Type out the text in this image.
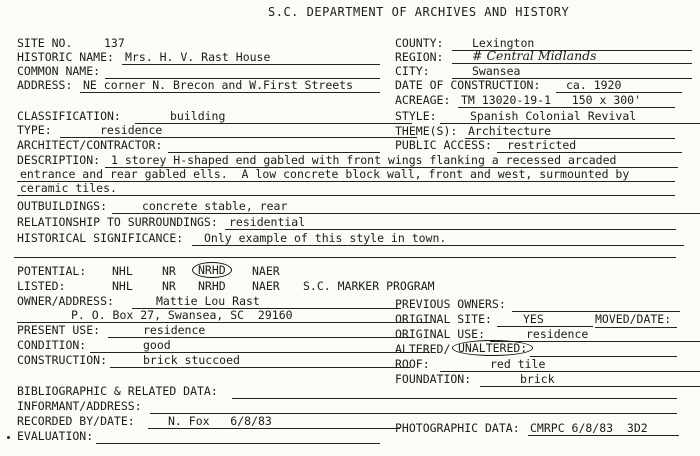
S.C. DEPARTMENT OF ARCHIVES AND HISTORY
SITE NO.	137
HISTORIC NAME: Mrs. H. V. Rast House
COMMON NAME:
ADDRESS: NE corner N. Brecon and W.First Streets
COUNTY:	Lexington
REGION:	# Central Midlands
CITY:	Swansea
DATE OF CONSTRUCTION:	ca. 1920
ACREAGE: TM 13020-19-1   150 x 300'
CLASSIFICATION:	building
TYPE:	residence
ARCHITECT/CONTRACTOR:
STYLE:	Spanish Colonial Revival
THEME(S): Architecture
PUBLIC ACCESS:	restricted
DESCRIPTION: 1 storey H-shaped end gabled with front wings flanking a recessed arcaded
entrance and rear gabled ells.  A low concrete block wall, front and west, surmounted by
ceramic tiles.
OUTBUILDINGS:	concrete stable, rear
RELATIONSHIP TO SURROUNDINGS: residential
HISTORICAL SIGNIFICANCE:	Only example of this style in town.
POTENTIAL: NHL	NR	NRHD	NAER
LISTED:	NHL	NR NRHD NAER S.C. MARKER PROGRAM
OWNER/ADDRESS:	Mattie Lou Rast
P. O. Box 27, Swansea, SC  29160
PRESENT USE:	residence
CONDITION:	good
CONSTRUCTION:	brick stuccoed
PREVIOUS OWNERS:
ORIGINAL SITE:	YES	MOVED/DATE:
ORIGINAL USE:	residence
ALTERED/ UNALTERED:
ROOF:	red tile
FOUNDATION:	brick
BIBLIOGRAPHIC & RELATED DATA:
INFORMANT/ADDRESS:
RECORDED BY/DATE:	N. Fox   6/8/83	PHOTOGRAPHIC DATA: CMRPC 6/8/83  3D2
EVALUATION:
